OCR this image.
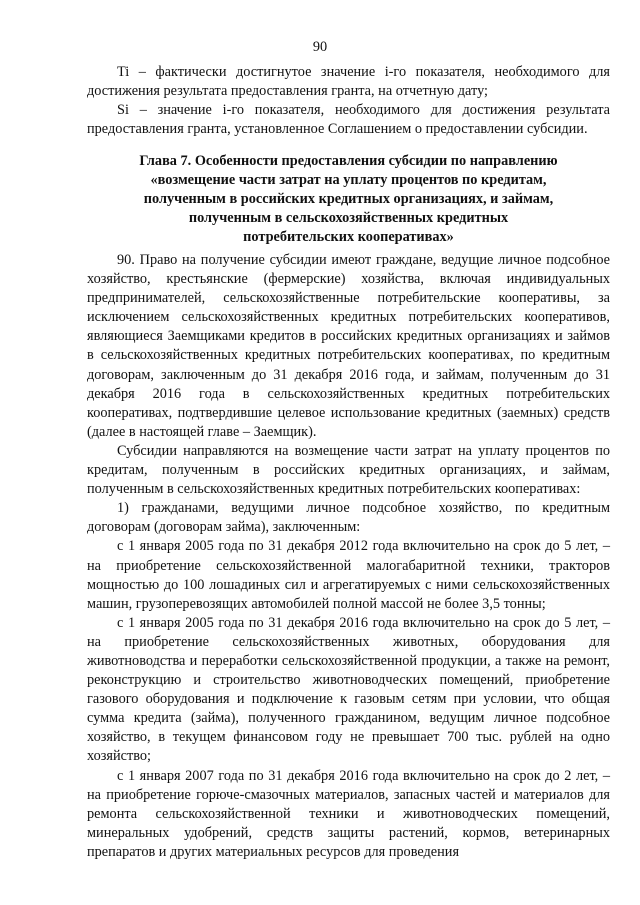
90

Ti – фактически достигнутое значение i-го показателя, необходимого для достижения результата предоставления гранта, на отчетную дату;

Si – значение i-го показателя, необходимого для достижения результата предоставления гранта, установленное Соглашением о предоставлении субсидии.

Глава 7. Особенности предоставления субсидии по направлению
«возмещение части затрат на уплату процентов по кредитам,
полученным в российских кредитных организациях, и займам,
полученным в сельскохозяйственных кредитных
потребительских кооперативах»

90. Право на получение субсидии имеют граждане, ведущие личное подсобное хозяйство, крестьянские (фермерские) хозяйства, включая индивидуальных предпринимателей, сельскохозяйственные потребительские кооперативы, за исключением сельскохозяйственных кредитных потребительских кооперативов, являющиеся Заемщиками кредитов в российских кредитных организациях и займов в сельскохозяйственных кредитных потребительских кооперативах, по кредитным договорам, заключенным до 31 декабря 2016 года, и займам, полученным до 31 декабря 2016 года в сельскохозяйственных кредитных потребительских кооперативах, подтвердившие целевое использование кредитных (заемных) средств (далее в настоящей главе – Заемщик).

Субсидии направляются на возмещение части затрат на уплату процентов по кредитам, полученным в российских кредитных организациях, и займам, полученным в сельскохозяйственных кредитных потребительских кооперативах:

1) гражданами, ведущими личное подсобное хозяйство, по кредитным договорам (договорам займа), заключенным:

с 1 января 2005 года по 31 декабря 2012 года включительно на срок до 5 лет, – на приобретение сельскохозяйственной малогабаритной техники, тракторов мощностью до 100 лошадиных сил и агрегатируемых с ними сельскохозяйственных машин, грузоперевозящих автомобилей полной массой не более 3,5 тонны;

с 1 января 2005 года по 31 декабря 2016 года включительно на срок до 5 лет, – на приобретение сельскохозяйственных животных, оборудования для животноводства и переработки сельскохозяйственной продукции, а также на ремонт, реконструкцию и строительство животноводческих помещений, приобретение газового оборудования и подключение к газовым сетям при условии, что общая сумма кредита (займа), полученного гражданином, ведущим личное подсобное хозяйство, в текущем финансовом году не превышает 700 тыс. рублей на одно хозяйство;

с 1 января 2007 года по 31 декабря 2016 года включительно на срок до 2 лет, – на приобретение горюче-смазочных материалов, запасных частей и материалов для ремонта сельскохозяйственной техники и животноводческих помещений, минеральных удобрений, средств защиты растений, кормов, ветеринарных препаратов и других материальных ресурсов для проведения
